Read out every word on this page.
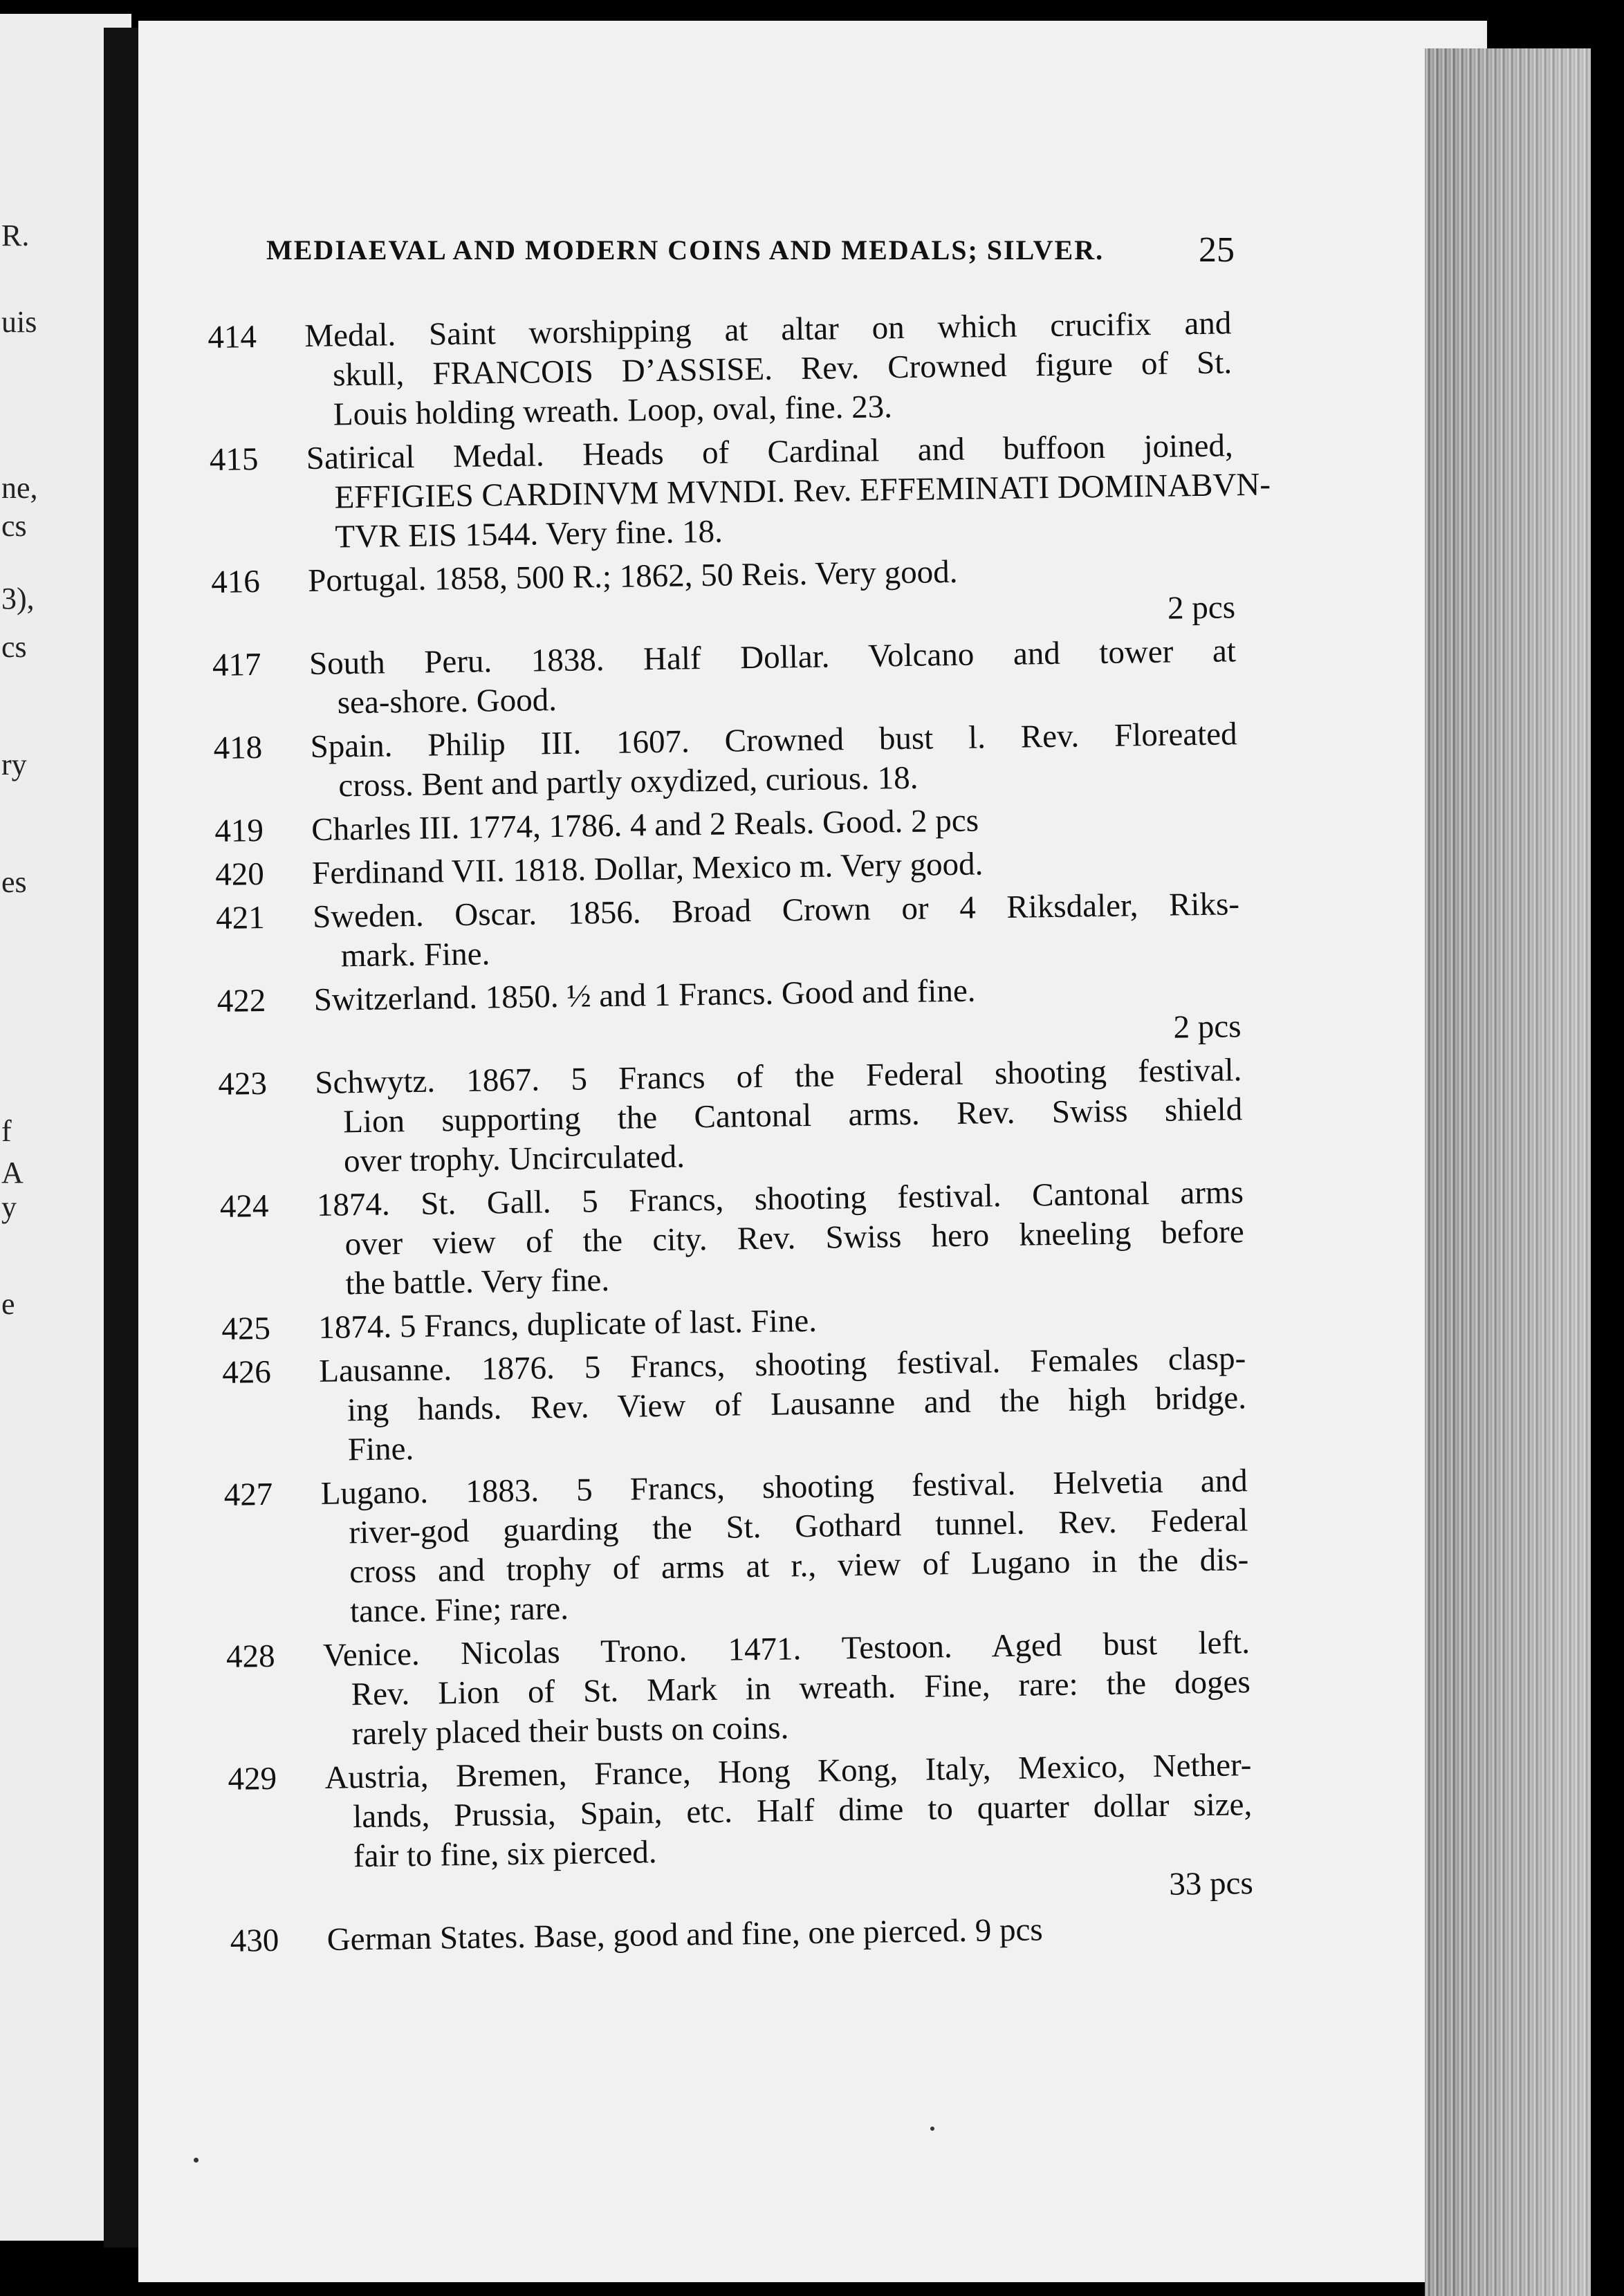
R.
uis
ne,
cs
3),
cs
ry
es
f
A
y
e
MEDIAEVAL AND MODERN COINS AND MEDALS; SILVER.	25
414 Medal. Saint worshipping at altar on which crucifix and
skull, FRANCOIS D’ASSISE. Rev. Crowned figure of St.
Louis holding wreath. Loop, oval, fine. 23.
415 Satirical Medal. Heads of Cardinal and buffoon joined,
EFFIGIES CARDINVM MVNDI. Rev. EFFEMINATI DOMINABVN-
TVR EIS 1544. Very fine. 18.
416 Portugal. 1858, 500 R.; 1862, 50 Reis. Very good.
2 pcs
417 South Peru. 1838. Half Dollar. Volcano and tower at
sea-shore. Good.
418 Spain. Philip III. 1607. Crowned bust l. Rev. Floreated
cross. Bent and partly oxydized, curious. 18.
419 Charles III. 1774, 1786. 4 and 2 Reals. Good. 2 pcs
420 Ferdinand VII. 1818. Dollar, Mexico m. Very good.
421 Sweden. Oscar. 1856. Broad Crown or 4 Riksdaler, Riks-
mark. Fine.
422 Switzerland. 1850. ½ and 1 Francs. Good and fine.
2 pcs
423 Schwytz. 1867. 5 Francs of the Federal shooting festival.
Lion supporting the Cantonal arms. Rev. Swiss shield
over trophy. Uncirculated.
424 1874. St. Gall. 5 Francs, shooting festival. Cantonal arms
over view of the city. Rev. Swiss hero kneeling before
the battle. Very fine.
425 1874. 5 Francs, duplicate of last. Fine.
426 Lausanne. 1876. 5 Francs, shooting festival. Females clasp-
ing hands. Rev. View of Lausanne and the high bridge.
Fine.
427 Lugano. 1883. 5 Francs, shooting festival. Helvetia and
river-god guarding the St. Gothard tunnel. Rev. Federal
cross and trophy of arms at r., view of Lugano in the dis-
tance. Fine; rare.
428 Venice. Nicolas Trono. 1471. Testoon. Aged bust left.
Rev. Lion of St. Mark in wreath. Fine, rare: the doges
rarely placed their busts on coins.
429 Austria, Bremen, France, Hong Kong, Italy, Mexico, Nether-
lands, Prussia, Spain, etc. Half dime to quarter dollar size,
fair to fine, six pierced.
33 pcs
430 German States. Base, good and fine, one pierced. 9 pcs
